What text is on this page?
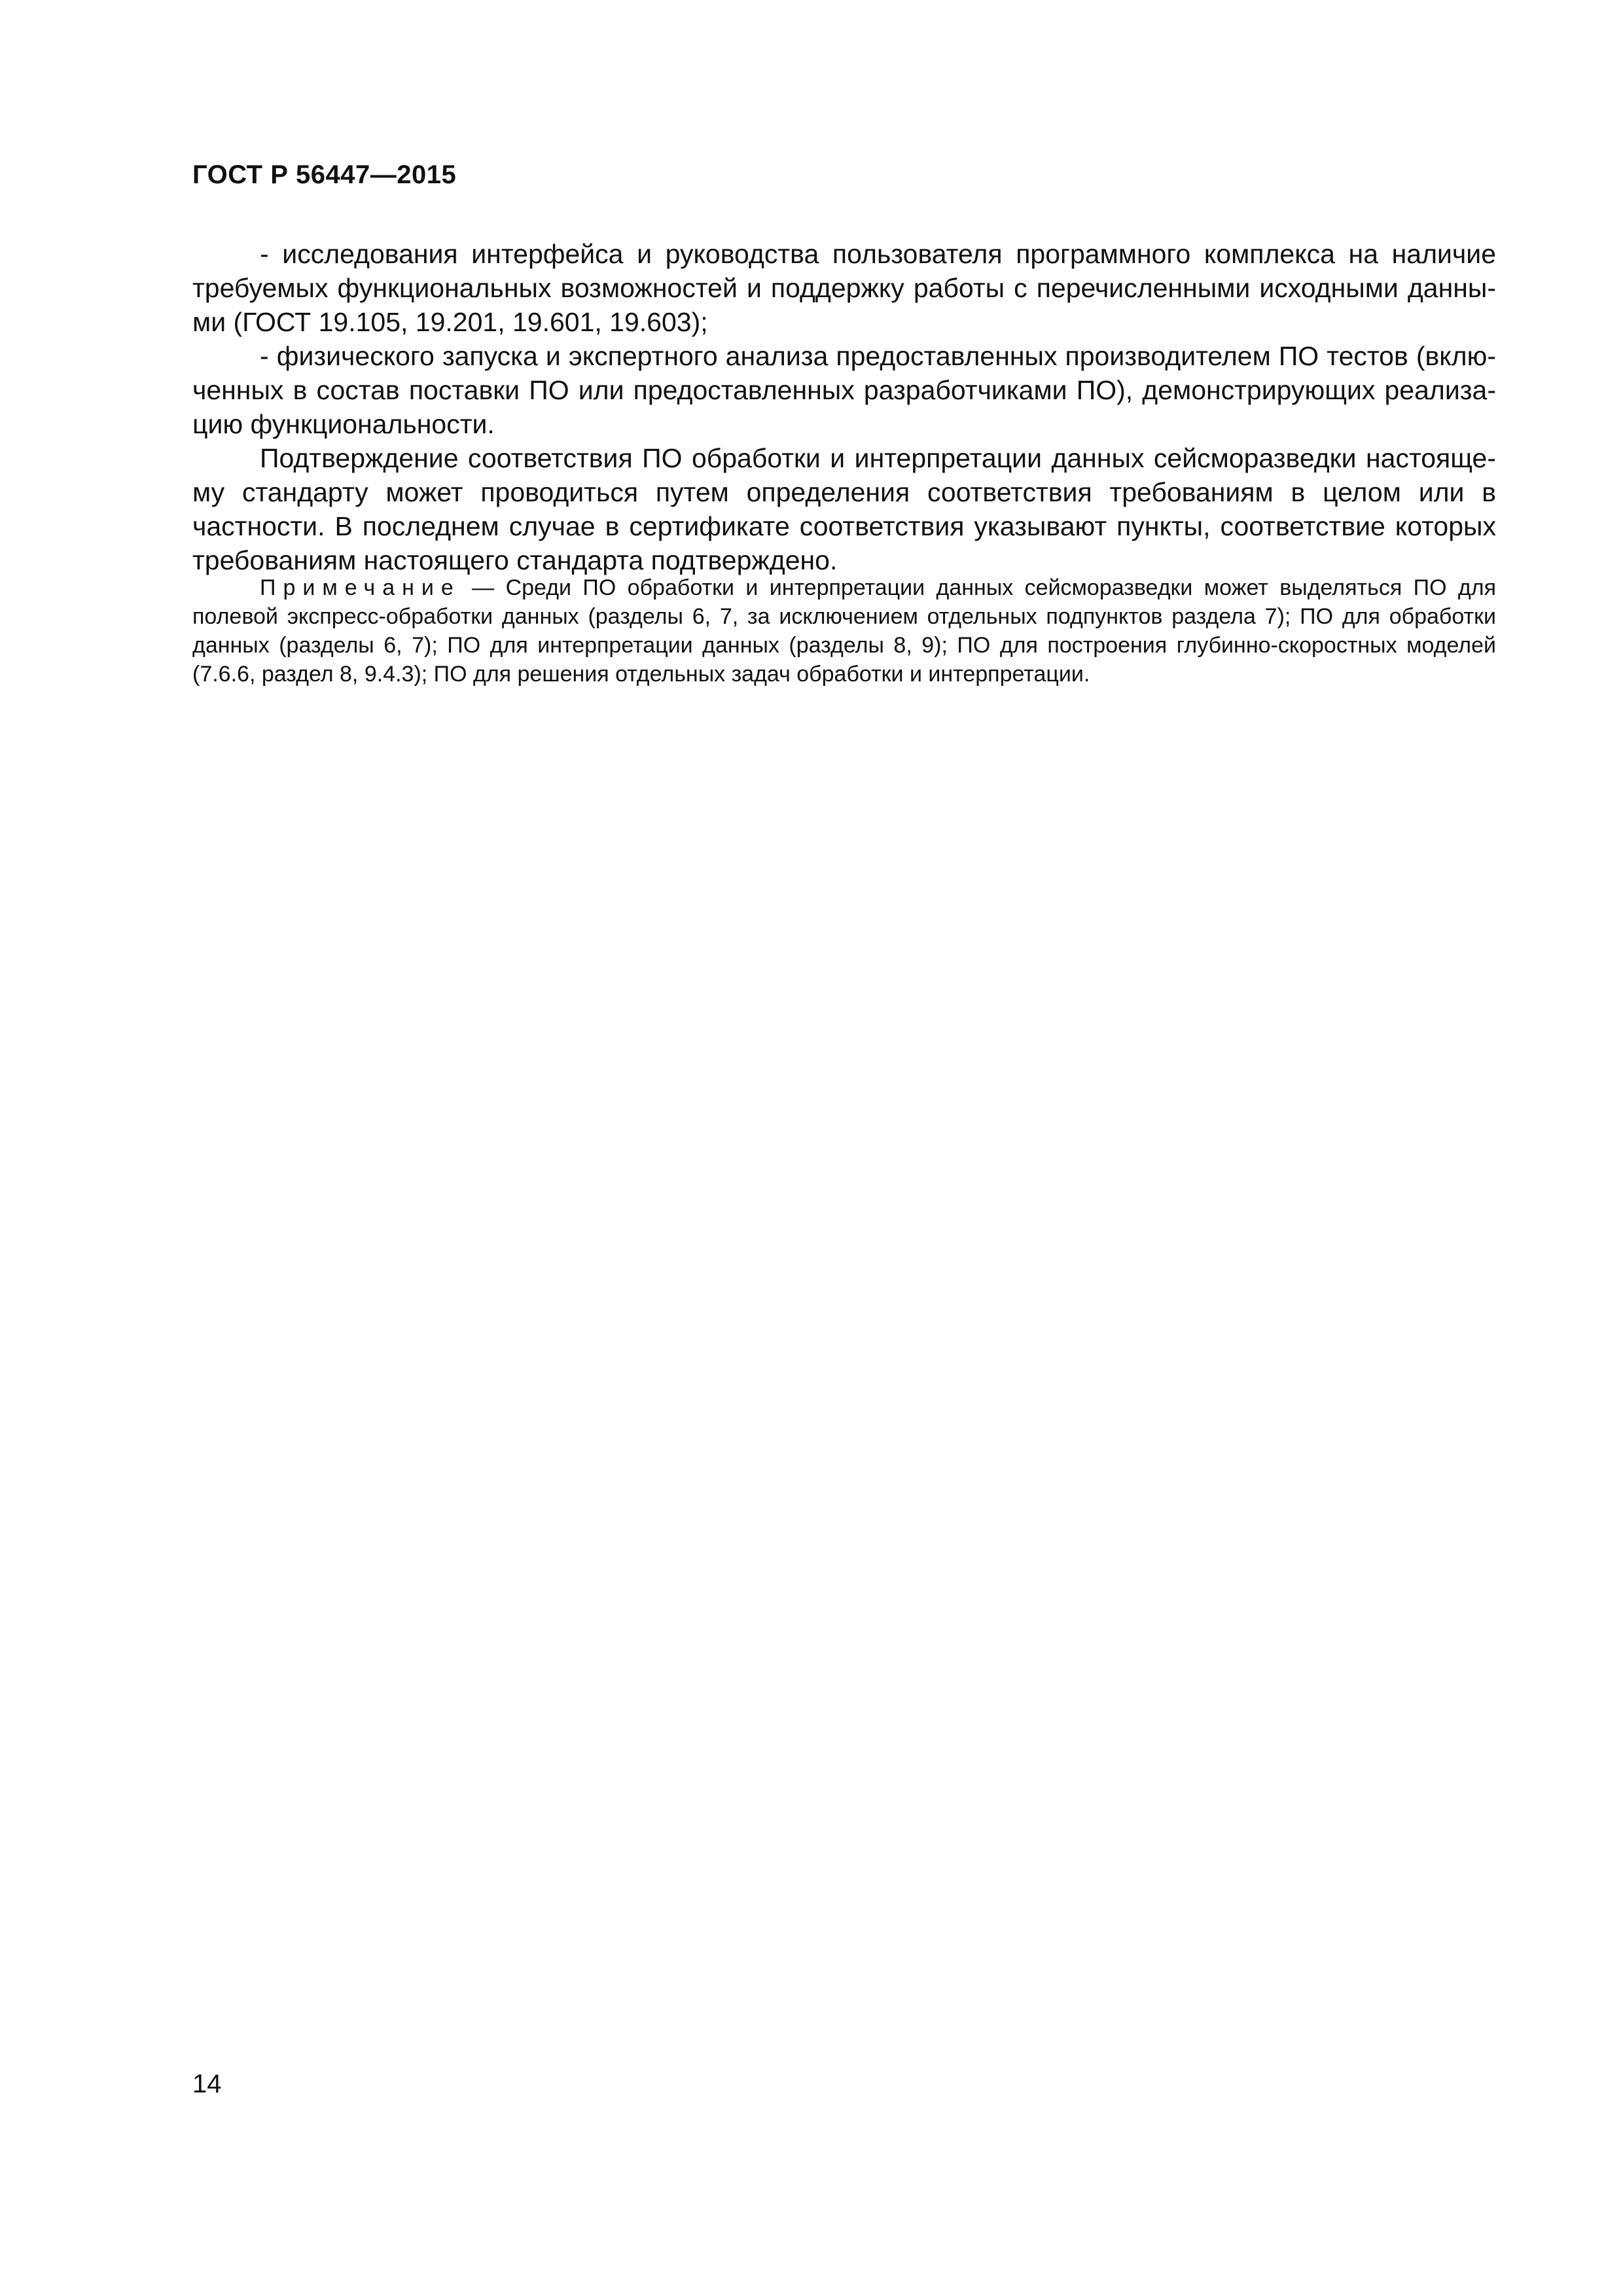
ГОСТ Р 56447—2015

- исследования интерфейса и руководства пользователя программного комплекса на наличие требуемых функциональных возможностей и поддержку работы с перечисленными исходными данными (ГОСТ 19.105, 19.201, 19.601, 19.603);

- физического запуска и экспертного анализа предоставленных производителем ПО тестов (включенных в состав поставки ПО или предоставленных разработчиками ПО), демонстрирующих реализацию функциональности.

Подтверждение соответствия ПО обработки и интерпретации данных сейсморазведки настоящему стандарту может проводиться путем определения соответствия требованиям в целом или в частности. В последнем случае в сертификате соответствия указывают пункты, соответствие которых требованиям настоящего стандарта подтверждено.

Примечание — Среди ПО обработки и интерпретации данных сейсморазведки может выделяться ПО для полевой экспресс-обработки данных (разделы 6, 7, за исключением отдельных подпунктов раздела 7); ПО для обработки данных (разделы 6, 7); ПО для интерпретации данных (разделы 8, 9); ПО для построения глубинно-скоростных моделей (7.6.6, раздел 8, 9.4.3); ПО для решения отдельных задач обработки и интерпретации.

14
